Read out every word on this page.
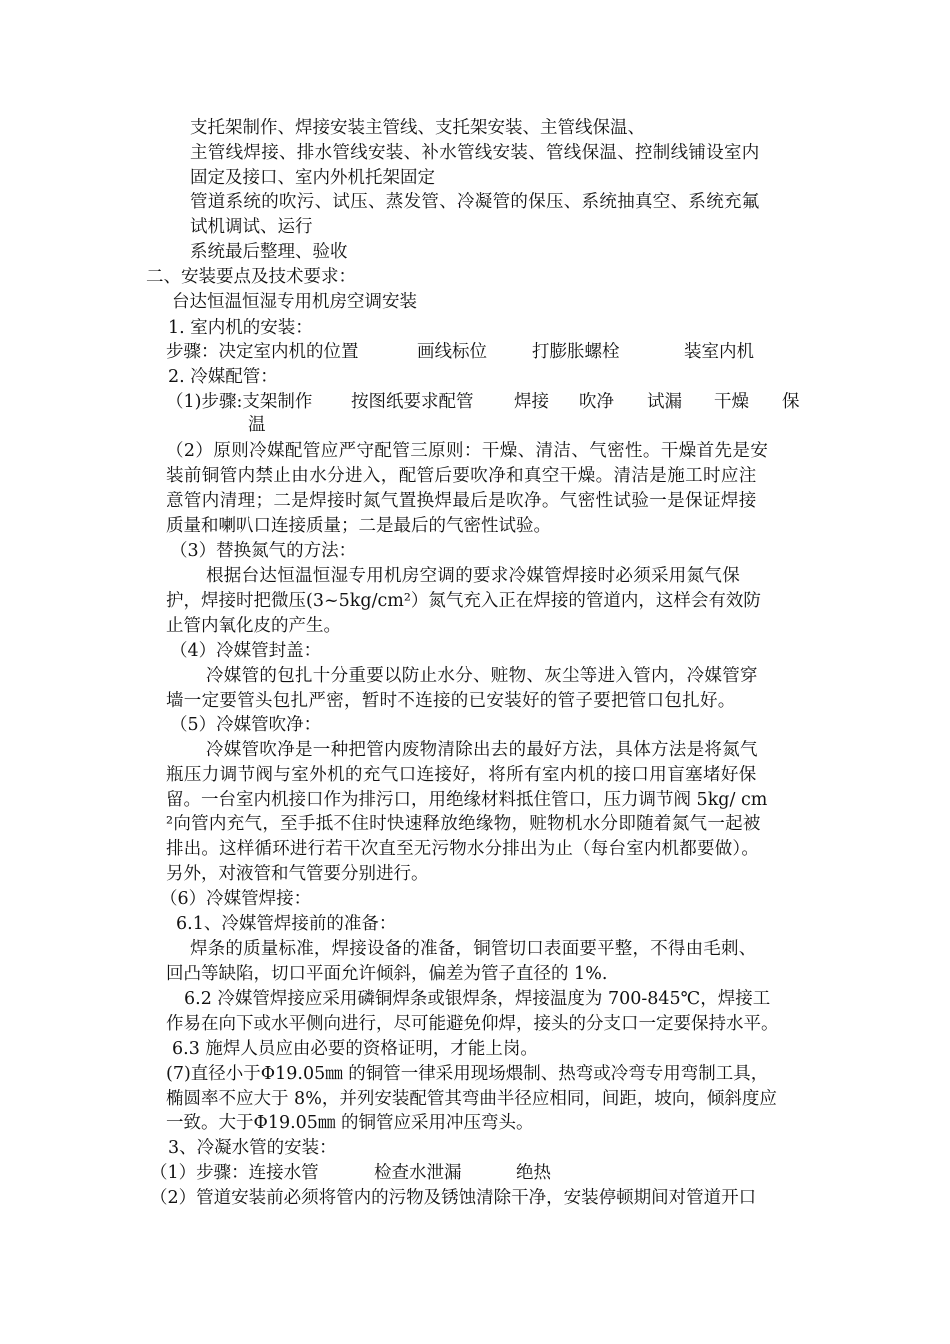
支托架制作、焊接安装主管线、支托架安装、主管线保温、
主管线焊接、排水管线安装、补水管线安装、管线保温、控制线铺设室内
固定及接口、室内外机托架固定
管道系统的吹污、试压、蒸发管、冷凝管的保压、系统抽真空、系统充氟
试机调试、运行
系统最后整理、验收
二、安装要点及技术要求：
台达恒温恒湿专用机房空调安装
1. 室内机的安装：
步骤：决定室内机的位置	画线标位	打膨胀螺栓	装室内机
2. 冷媒配管：
（1)步骤:支架制作 按图纸要求配管 焊接 吹净 试漏 干燥 保
温
（2）原则冷媒配管应严守配管三原则：干燥、清洁、气密性。干燥首先是安
装前铜管内禁止由水分进入，配管后要吹净和真空干燥。清洁是施工时应注
意管内清理；二是焊接时氮气置换焊最后是吹净。气密性试验一是保证焊接
质量和喇叭口连接质量；二是最后的气密性试验。
（3）替换氮气的方法：
根据台达恒温恒湿专用机房空调的要求冷媒管焊接时必须采用氮气保
护，焊接时把微压(3~5kg/cm²）氮气充入正在焊接的管道内，这样会有效防
止管内氧化皮的产生。
（4）冷媒管封盖：
冷媒管的包扎十分重要以防止水分、赃物、灰尘等进入管内，冷媒管穿
墙一定要管头包扎严密，暂时不连接的已安装好的管子要把管口包扎好。
（5）冷媒管吹净：
冷媒管吹净是一种把管内废物清除出去的最好方法，具体方法是将氮气
瓶压力调节阀与室外机的充气口连接好，将所有室内机的接口用盲塞堵好保
留。一台室内机接口作为排污口，用绝缘材料抵住管口，压力调节阀 5kg/ cm
²向管内充气，至手抵不住时快速释放绝缘物，赃物机水分即随着氮气一起被
排出。这样循环进行若干次直至无污物水分排出为止（每台室内机都要做）。
另外，对液管和气管要分别进行。
（6）冷媒管焊接：
6.1、冷媒管焊接前的准备：
焊条的质量标准，焊接设备的准备，铜管切口表面要平整，不得由毛刺、
回凸等缺陷，切口平面允许倾斜，偏差为管子直径的 1%.
6.2 冷媒管焊接应采用磷铜焊条或银焊条，焊接温度为 700-845℃，焊接工
作易在向下或水平侧向进行，尽可能避免仰焊，接头的分支口一定要保持水平。
6.3 施焊人员应由必要的资格证明，才能上岗。
(7)直径小于Φ19.05㎜ 的铜管一律采用现场煨制、热弯或冷弯专用弯制工具，
椭圆率不应大于 8%，并列安装配管其弯曲半径应相同，间距，坡向，倾斜度应
一致。大于Φ19.05㎜ 的铜管应采用冲压弯头。
3、冷凝水管的安装：
（1）步骤：连接水管	检查水泄漏	绝热
（2）管道安装前必须将管内的污物及锈蚀清除干净，安装停顿期间对管道开口
